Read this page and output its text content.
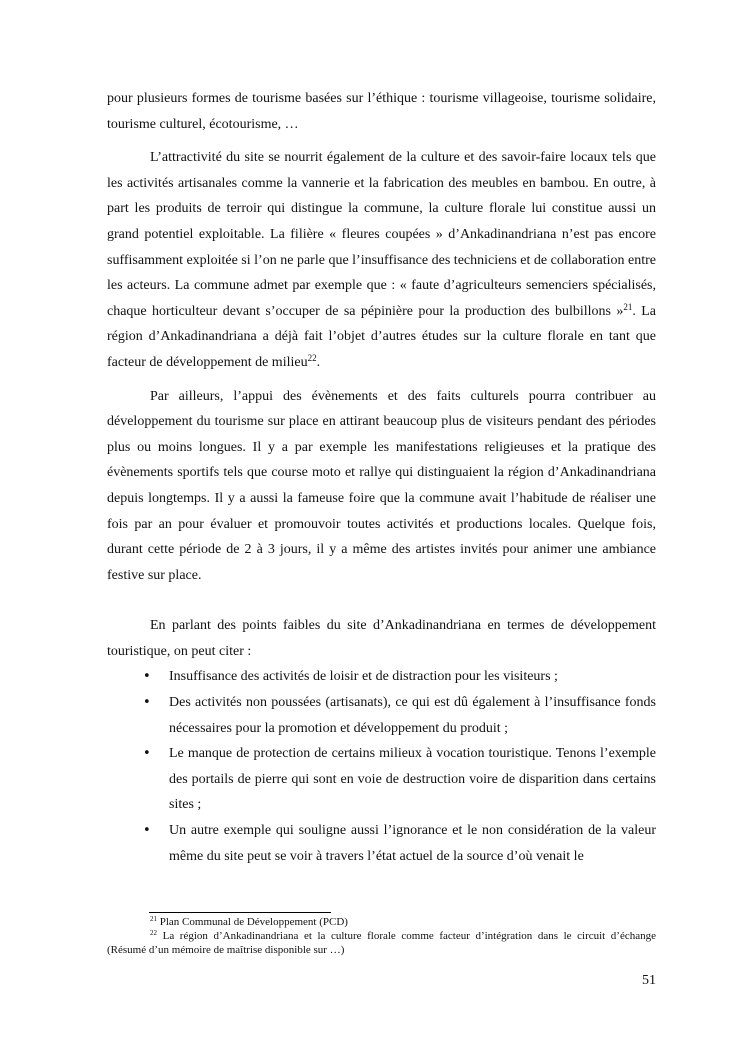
pour plusieurs formes de tourisme basées sur l’éthique : tourisme villageoise, tourisme solidaire, tourisme culturel, écotourisme, …

L’attractivité du site se nourrit également de la culture et des savoir-faire locaux tels que les activités artisanales comme la vannerie et la fabrication des meubles en bambou. En outre, à part les produits de terroir qui distingue la commune, la culture florale lui constitue aussi un grand potentiel exploitable. La filière « fleures coupées » d’Ankadinandriana n’est pas encore suffisamment exploitée si l’on ne parle que l’insuffisance des techniciens et de collaboration entre les acteurs. La commune admet par exemple que : « faute d’agriculteurs semenciers spécialisés, chaque horticulteur devant s’occuper de sa pépinière pour la production des bulbillons »$^{21}$. La région d’Ankadinandriana a déjà fait l’objet d’autres études sur la culture florale en tant que facteur de développement de milieu$^{22}$.

Par ailleurs, l’appui des évènements et des faits culturels pourra contribuer au développement du tourisme sur place en attirant beaucoup plus de visiteurs pendant des périodes plus ou moins longues. Il y a par exemple les manifestations religieuses et la pratique des évènements sportifs tels que course moto et rallye qui distinguaient la région d’Ankadinandriana depuis longtemps. Il y a aussi la fameuse foire que la commune avait l’habitude de réaliser une fois par an pour évaluer et promouvoir toutes activités et productions locales. Quelque fois, durant cette période de 2 à 3 jours, il y a même des artistes invités pour animer une ambiance festive sur place.

En parlant des points faibles du site d’Ankadinandriana en termes de développement touristique, on peut citer :

• Insuffisance des activités de loisir et de distraction pour les visiteurs ;
• Des activités non poussées (artisanats), ce qui est dû également à l’insuffisance fonds nécessaires pour la promotion et développement du produit ;
• Le manque de protection de certains milieux à vocation touristique. Tenons l’exemple des portails de pierre qui sont en voie de destruction voire de disparition dans certains sites ;
• Un autre exemple qui souligne aussi l’ignorance et le non considération de la valeur même du site peut se voir à travers l’état actuel de la source d’où venait le

$^{21}$ Plan Communal de Développement (PCD)

$^{22}$ La région d’Ankadinandriana et la culture florale comme facteur d’intégration dans le circuit d’échange (Résumé d’un mémoire de maîtrise disponible sur …)

51
